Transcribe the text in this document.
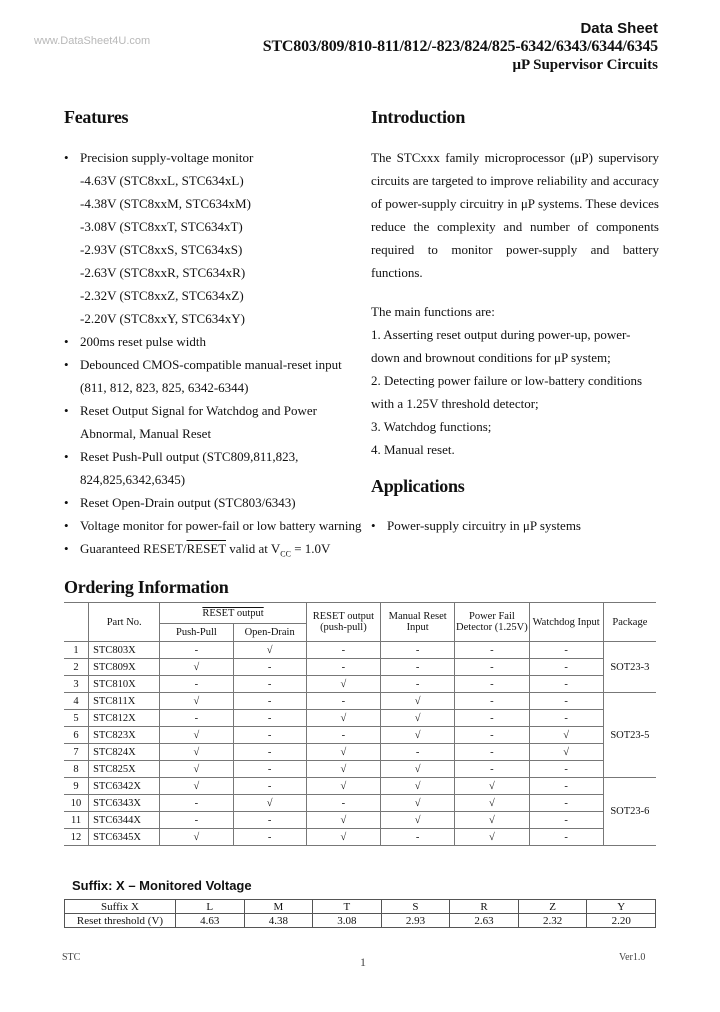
www.DataSheet4U.com
Data Sheet
STC803/809/810-811/812/-823/824/825-6342/6343/6344/6345
μP Supervisor Circuits
Features
• Precision supply-voltage monitor
-4.63V (STC8xxL, STC634xL)
-4.38V (STC8xxM, STC634xM)
-3.08V (STC8xxT, STC634xT)
-2.93V (STC8xxS, STC634xS)
-2.63V (STC8xxR, STC634xR)
-2.32V (STC8xxZ, STC634xZ)
-2.20V (STC8xxY, STC634xY)
• 200ms reset pulse width
• Debounced CMOS-compatible manual-reset input
(811, 812, 823, 825, 6342-6344)
• Reset Output Signal for Watchdog and Power
Abnormal, Manual Reset
• Reset Push-Pull output (STC809,811,823,
824,825,6342,6345)
• Reset Open-Drain output (STC803/6343)
• Voltage monitor for power-fail or low battery warning
• Guaranteed RESET/RESET valid at $V_{CC} = 1.0V$
Introduction

The STCxxx family microprocessor (μP) supervisory circuits are targeted to improve reliability and accuracy of power-supply circuitry in μP systems. These devices reduce the complexity and number of components required to monitor power-supply and battery functions.

The main functions are:

1. Asserting reset output during power-up, power-down and brownout conditions for μP system;

2. Detecting power failure or low-battery conditions with a 1.25V threshold detector;

3. Watchdog functions;

4. Manual reset.

Applications
• Power-supply circuitry in μP systems
Ordering Information
	Part No.	RESET output		RESET output (push-pull)	Manual Reset Input	Power Fail Detector (1.25V)	Watchdog Input	Package
		Push-Pull	Open-Drain					
1	STC803X	-	√	-	-	-	-	SOT23-3
2	STC809X	√	-	-	-	-	-	
3	STC810X	-	-	√	-	-	-	
4	STC811X	√	-	-	√	-	-	SOT23-5
5	STC812X	-	-	√	√	-	-	
6	STC823X	√	-	-	√	-	√	
7	STC824X	√	-	√	-	-	√	
8	STC825X	√	-	√	√	-	-	
9	STC6342X	√	-	√	√	√	-	SOT23-6
10	STC6343X	-	√	-	√	√	-	
11	STC6344X	-	-	√	√	√	-	
12	STC6345X	√	-	√	-	√	-	
Suffix: X – Monitored Voltage
Suffix X	L	M	T	S	R	Z	Y
Reset threshold (V)	4.63	4.38	3.08	2.93	2.63	2.32	2.20
STC	1	Ver1.0
